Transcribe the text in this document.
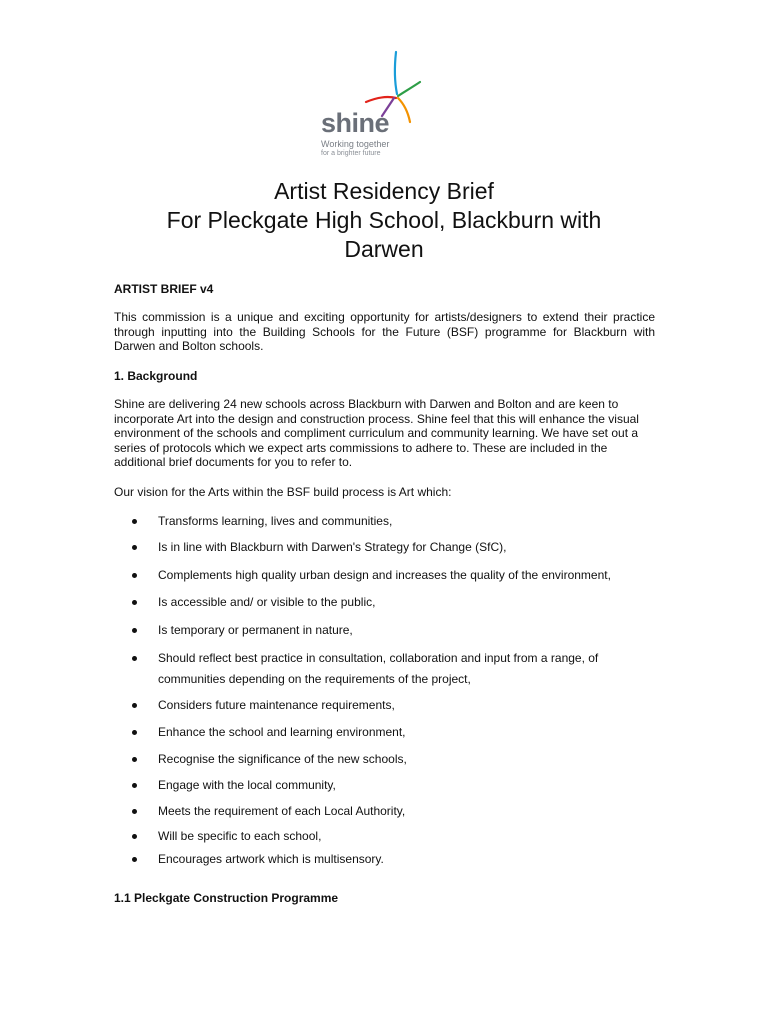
shine
Working together
for a brighter future
Artist Residency Brief
For Pleckgate High School, Blackburn with
Darwen
ARTIST BRIEF v4
This commission is a unique and exciting opportunity for artists/designers to extend their practice through inputting into the Building Schools for the Future (BSF) programme for Blackburn with Darwen and Bolton schools.
1. Background
Shine are delivering 24 new schools across Blackburn with Darwen and Bolton and are keen to incorporate Art into the design and construction process. Shine feel that this will enhance the visual environment of the schools and compliment curriculum and community learning. We have set out a series of protocols which we expect arts commissions to adhere to. These are included in the additional brief documents for you to refer to.
Our vision for the Arts within the BSF build process is Art which:
Transforms learning, lives and communities,
Is in line with Blackburn with Darwen's Strategy for Change (SfC),
Complements high quality urban design and increases the quality of the environment,
Is accessible and/ or visible to the public,
Is temporary or permanent in nature,
Should reflect best practice in consultation, collaboration and input from a range, of communities depending on the requirements of the project,
Considers future maintenance requirements,
Enhance the school and learning environment,
Recognise the significance of the new schools,
Engage with the local community,
Meets the requirement of each Local Authority,
Will be specific to each school,
Encourages artwork which is multisensory.
1.1 Pleckgate Construction Programme
